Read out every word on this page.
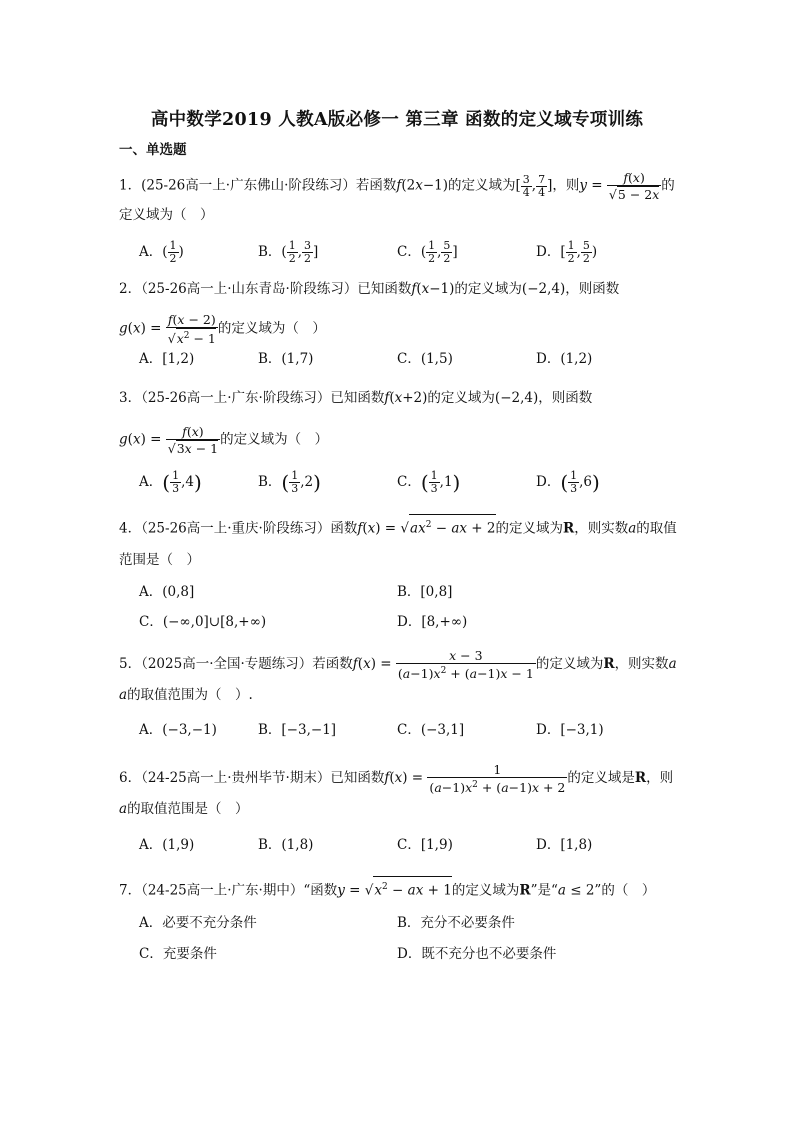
高中数学2019 人教A版必修一 第三章 函数的定义域专项训练
一、单选题
1．(25-26高一上·广东佛山·阶段练习）若函数f(2x−1)的定义域为[ $\frac{3}{4}$ , $\frac{7}{4}$ ]，则$y = \frac{f(x)}{√5 - 2x}$ 的
定义域为（　）
A．( $\frac{1}{2}$ )	B．( $\frac{1}{2}$ , $\frac{3}{2}$ ]	C．( $\frac{1}{2}$ , $\frac{5}{2}$ ]	D．[ $\frac{1}{2}$ , $\frac{5}{2}$ )
2．（25-26高一上·山东青岛·阶段练习）已知函数f(x−1)的定义域为(−2,4)，则函数
$g(x) = \frac{f(x - 2)}{√x^2 - 1}$ 的定义域为（　）
A．[1,2)	B．(1,7)	C．(1,5)	D．(1,2)
3．（25-26高一上·广东·阶段练习）已知函数f(x+2)的定义域为(−2,4)，则函数
$g(x) = \frac{f(x)}{√3x - 1}$ 的定义域为（　）
A．( $\frac{1}{3} ,4$)	B．( $\frac{1}{3} ,2$)	C．( $\frac{1}{3} ,1$)	D．( $\frac{1}{3} ,6$)
4．（25-26高一上·重庆·阶段练习）函数$f(x) = √ax^2$ − ax + 2的定义域为R，则实数a的取值
范围是（　）
A．(0,8]	B．[0,8]
C．(−∞,0]∪[8,+∞)	D．[8,+∞)
5．（2025高一·全国·专题练习）若函数$f(x) = \frac{x - 3}{(a-1)x^2 + (a-1)x - 1}$ 的定义域为R，则实数a
a的取值范围为（　）.
A．(−3,−1)	B．[−3,−1]	C．(−3,1]	D．[−3,1)
6．（24-25高一上·贵州毕节·期末）已知函数$f(x) = \frac{1}{(a-1)x^2 + (a-1)x + 2}$ 的定义域是R，则
a的取值范围是（　）
A．(1,9)	B．(1,8)	C．[1,9)	D．[1,8)
7．（24-25高一上·广东·期中）“函数$y = √x^2$ − ax + 1的定义域为R”是“a ≤ 2”的（　）
A．必要不充分条件	B．充分不必要条件
C．充要条件	D．既不充分也不必要条件
